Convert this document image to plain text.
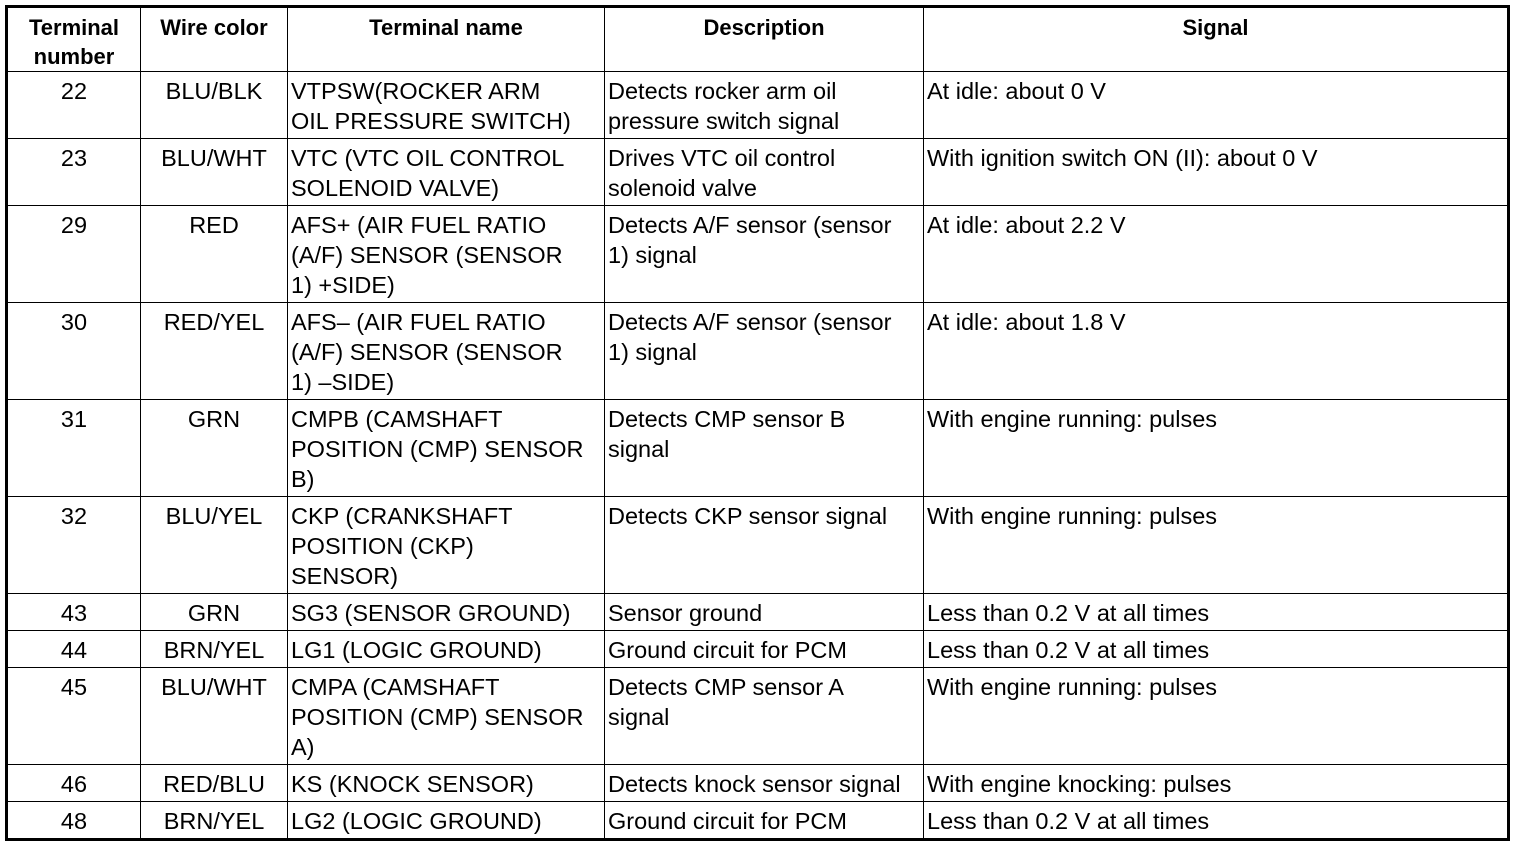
Terminal
number	Wire color	Terminal name	Description	Signal
22	BLU/BLK	VTPSW(ROCKER ARM
OIL PRESSURE SWITCH)	Detects rocker arm oil
pressure switch signal	At idle: about 0 V
23	BLU/WHT	VTC (VTC OIL CONTROL
SOLENOID VALVE)	Drives VTC oil control
solenoid valve	With ignition switch ON (II): about 0 V
29	RED	AFS+ (AIR FUEL RATIO
(A/F) SENSOR (SENSOR
1) +SIDE)	Detects A/F sensor (sensor
1) signal	At idle: about 2.2 V
30	RED/YEL	AFS– (AIR FUEL RATIO
(A/F) SENSOR (SENSOR
1) –SIDE)	Detects A/F sensor (sensor
1) signal	At idle: about 1.8 V
31	GRN	CMPB (CAMSHAFT
POSITION (CMP) SENSOR
B)	Detects CMP sensor B
signal	With engine running: pulses
32	BLU/YEL	CKP (CRANKSHAFT
POSITION (CKP)
SENSOR)	Detects CKP sensor signal	With engine running: pulses
43	GRN	SG3 (SENSOR GROUND)	Sensor ground	Less than 0.2 V at all times
44	BRN/YEL	LG1 (LOGIC GROUND)	Ground circuit for PCM	Less than 0.2 V at all times
45	BLU/WHT	CMPA (CAMSHAFT
POSITION (CMP) SENSOR
A)	Detects CMP sensor A
signal	With engine running: pulses
46	RED/BLU	KS (KNOCK SENSOR)	Detects knock sensor signal	With engine knocking: pulses
48	BRN/YEL	LG2 (LOGIC GROUND)	Ground circuit for PCM	Less than 0.2 V at all times
